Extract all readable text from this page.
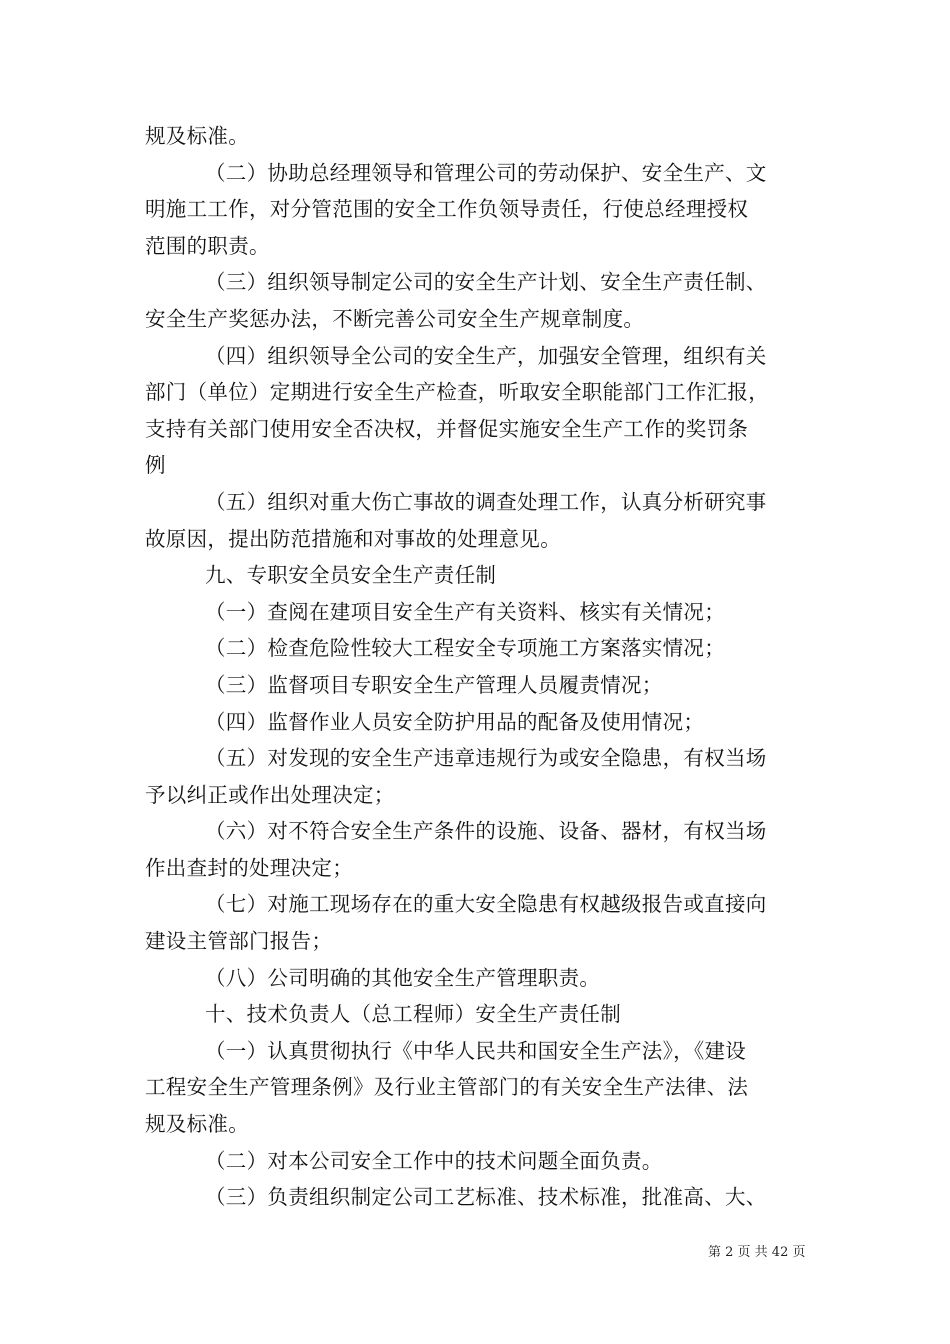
规及标准。

（二）协助总经理领导和管理公司的劳动保护、安全生产、文
明施工工作，对分管范围的安全工作负领导责任，行使总经理授权
范围的职责。

（三）组织领导制定公司的安全生产计划、安全生产责任制、
安全生产奖惩办法，不断完善公司安全生产规章制度。

（四）组织领导全公司的安全生产，加强安全管理，组织有关
部门（单位）定期进行安全生产检查，听取安全职能部门工作汇报，
支持有关部门使用安全否决权，并督促实施安全生产工作的奖罚条
例

（五）组织对重大伤亡事故的调查处理工作，认真分析研究事
故原因，提出防范措施和对事故的处理意见。

九、专职安全员安全生产责任制

（一）查阅在建项目安全生产有关资料、核实有关情况；

（二）检查危险性较大工程安全专项施工方案落实情况；

（三）监督项目专职安全生产管理人员履责情况；

（四）监督作业人员安全防护用品的配备及使用情况；

（五）对发现的安全生产违章违规行为或安全隐患，有权当场
予以纠正或作出处理决定；

（六）对不符合安全生产条件的设施、设备、器材，有权当场
作出查封的处理决定；

（七）对施工现场存在的重大安全隐患有权越级报告或直接向
建设主管部门报告；

（八）公司明确的其他安全生产管理职责。

十、技术负责人（总工程师）安全生产责任制

（一）认真贯彻执行《中华人民共和国安全生产法》，《建设
工程安全生产管理条例》及行业主管部门的有关安全生产法律、法
规及标准。

（二）对本公司安全工作中的技术问题全面负责。

（三）负责组织制定公司工艺标准、技术标准，批准高、大、

第 2 页 共 42 页
